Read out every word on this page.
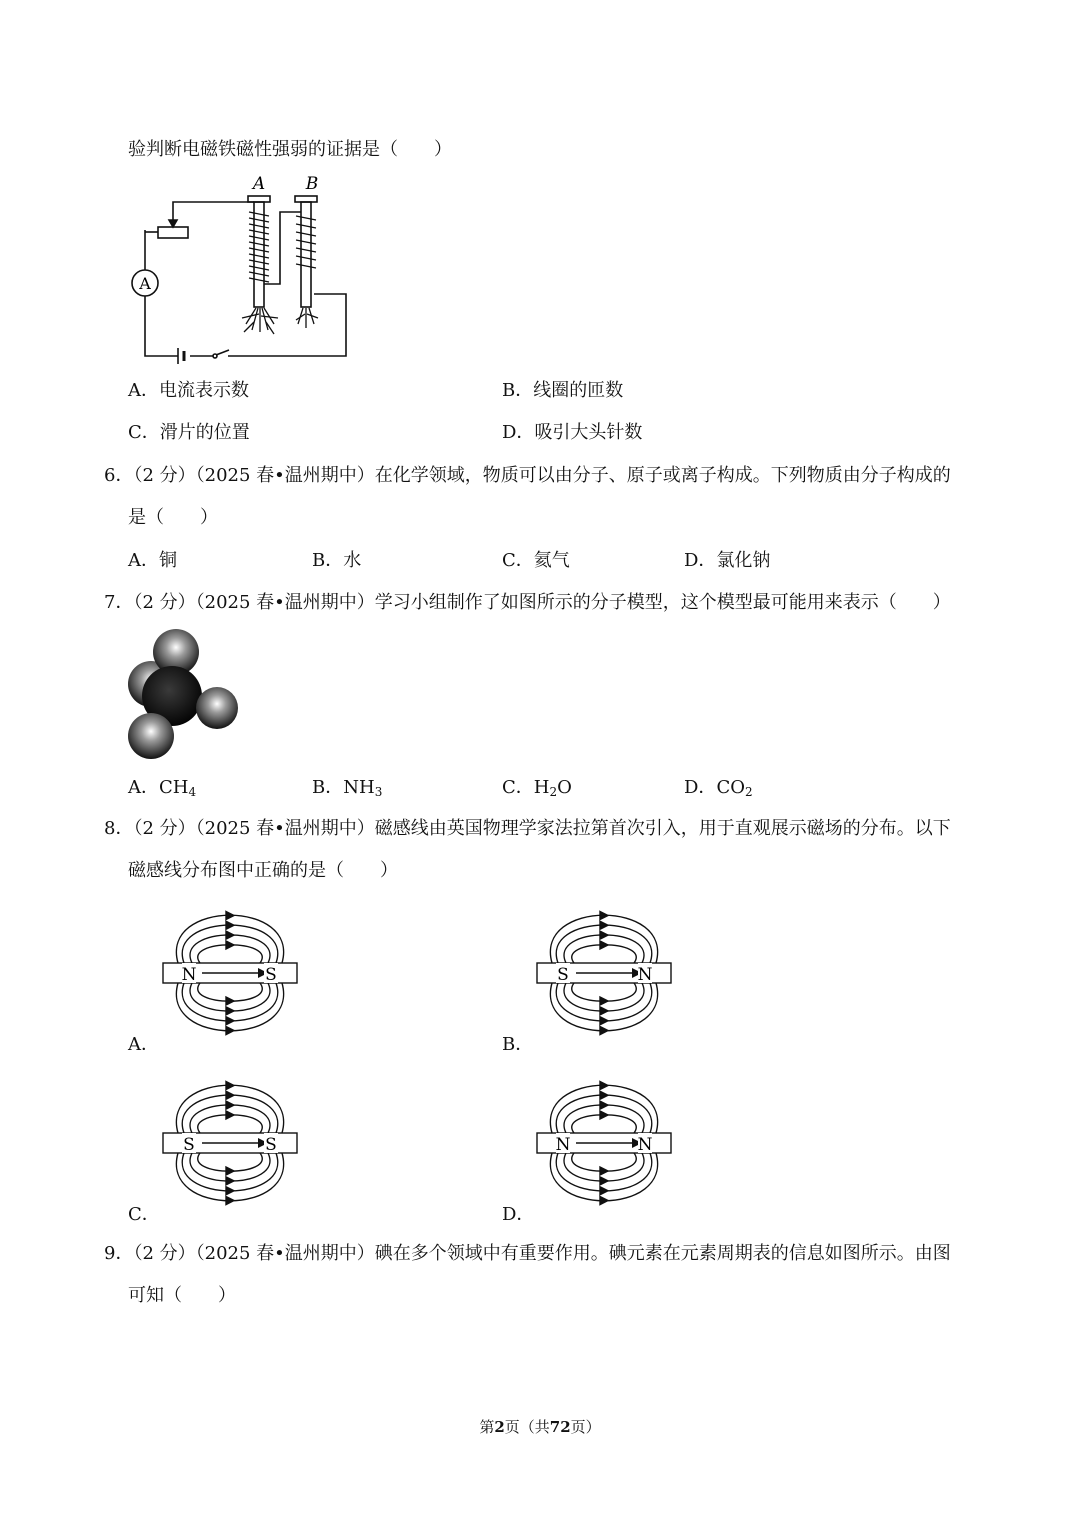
验判断电磁铁磁性强弱的证据是（　　）
A
A B
A．电流表示数	B．线圈的匝数
C．滑片的位置	D．吸引大头针数
6．（2 分）（2025 春•温州期中）在化学领域，物质可以由分子、原子或离子构成。下列物质由分子构成的
是（　　）
A．铜	B．水	C．氦气	D．氯化钠
7．（2 分）（2025 春•温州期中）学习小组制作了如图所示的分子模型，这个模型最可能用来表示（　　）
A．$CH_4$	B．$NH_3$	C．$H_2O$	D．$CO_2$
8．（2 分）（2025 春•温州期中）磁感线由英国物理学家法拉第首次引入，用于直观展示磁场的分布。以下
磁感线分布图中正确的是（　　）
N	S
A．
S	N
B．
S	S
C．
N	N
D．
9．（2 分）（2025 春•温州期中）碘在多个领域中有重要作用。碘元素在元素周期表的信息如图所示。由图
可知（　　）
第2页（共72页）
